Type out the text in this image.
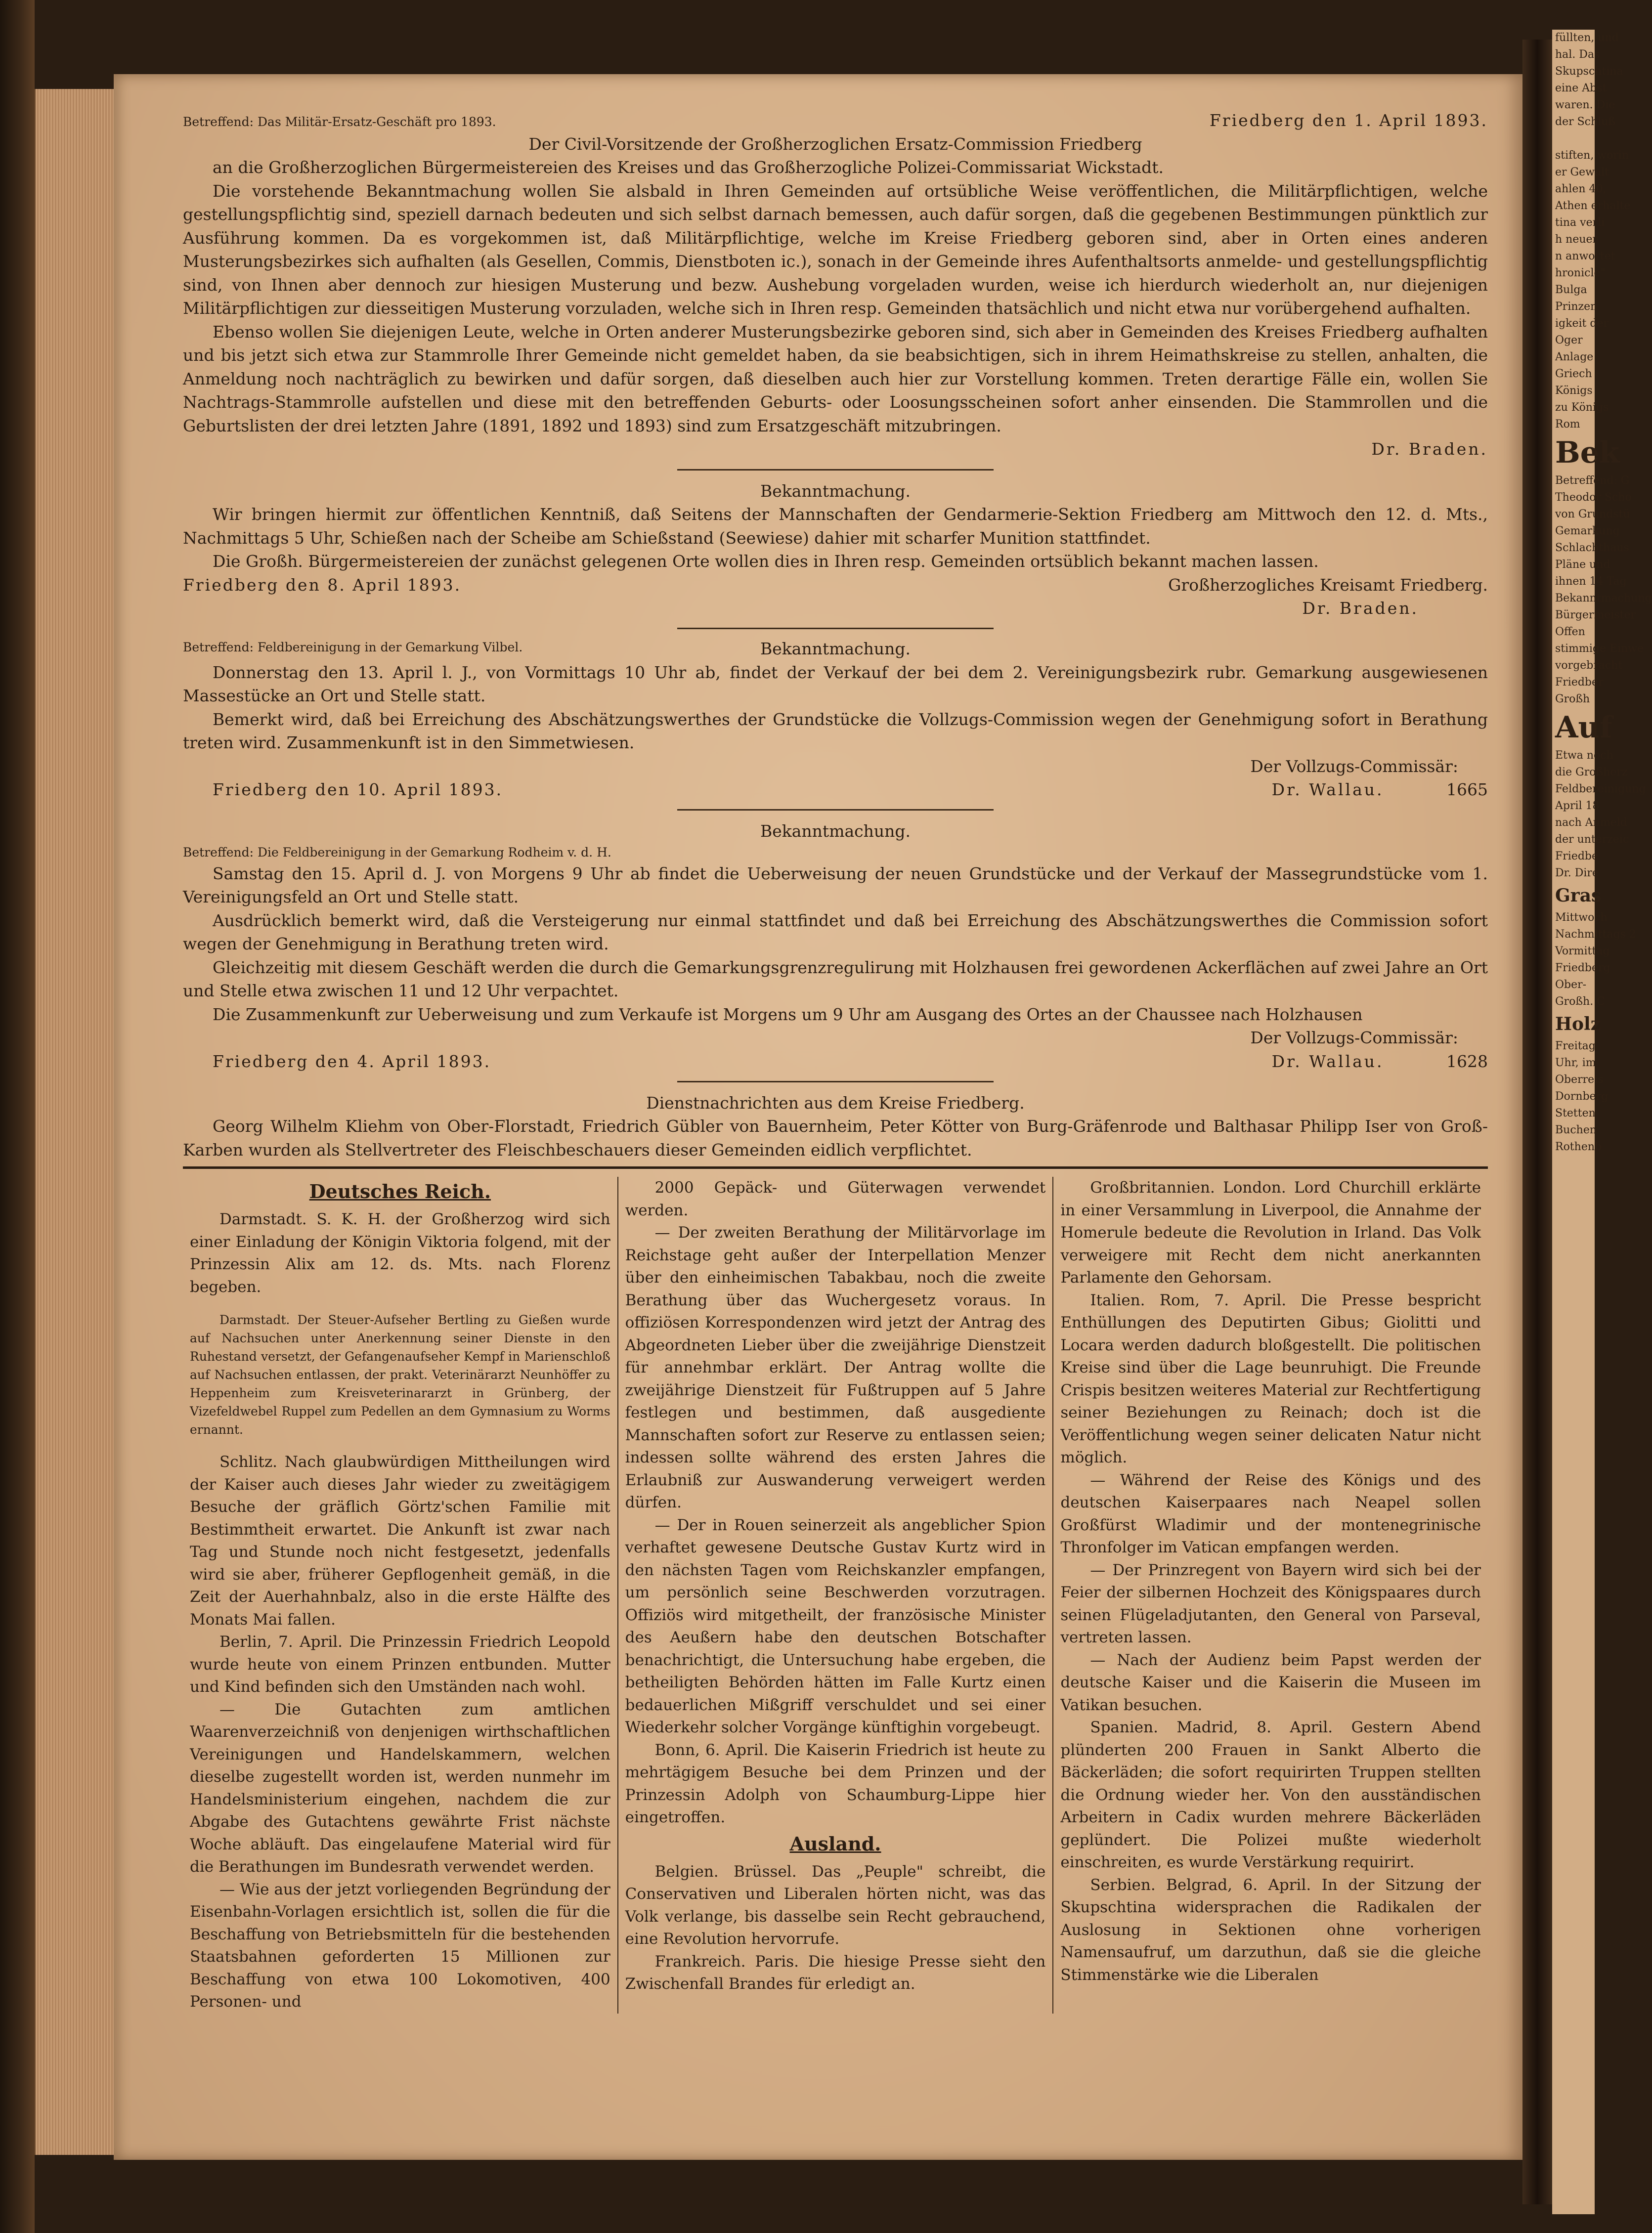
Betreffend: Das Militär-Ersatz-Geschäft pro 1893.	Friedberg den 1. April 1893.

Der Civil-Vorsitzende der Großherzoglichen Ersatz-Commission Friedberg

an die Großherzoglichen Bürgermeistereien des Kreises und das Großherzogliche Polizei-Commissariat Wickstadt.

Die vorstehende Bekanntmachung wollen Sie alsbald in Ihren Gemeinden auf ortsübliche Weise veröffentlichen, die Militärpflichtigen, welche gestellungspflichtig sind, speziell darnach bedeuten und sich selbst darnach bemessen, auch dafür sorgen, daß die gegebenen Bestimmungen pünktlich zur Ausführung kommen. Da es vorgekommen ist, daß Militärpflichtige, welche im Kreise Friedberg geboren sind, aber in Orten eines anderen Musterungsbezirkes sich aufhalten (als Gesellen, Commis, Dienstboten ic.), sonach in der Gemeinde ihres Aufenthaltsorts anmelde- und gestellungspflichtig sind, von Ihnen aber dennoch zur hiesigen Musterung und bezw. Aushebung vorgeladen wurden, weise ich hierdurch wiederholt an, nur diejenigen Militärpflichtigen zur diesseitigen Musterung vorzuladen, welche sich in Ihren resp. Gemeinden thatsächlich und nicht etwa nur vorübergehend aufhalten.

Ebenso wollen Sie diejenigen Leute, welche in Orten anderer Musterungsbezirke geboren sind, sich aber in Gemeinden des Kreises Friedberg aufhalten und bis jetzt sich etwa zur Stammrolle Ihrer Gemeinde nicht gemeldet haben, da sie beabsichtigen, sich in ihrem Heimathskreise zu stellen, anhalten, die Anmeldung noch nachträglich zu bewirken und dafür sorgen, daß dieselben auch hier zur Vorstellung kommen. Treten derartige Fälle ein, wollen Sie Nachtrags-Stammrolle aufstellen und diese mit den betreffenden Geburts- oder Loosungsscheinen sofort anher einsenden. Die Stammrollen und die Geburtslisten der drei letzten Jahre (1891, 1892 und 1893) sind zum Ersatzgeschäft mitzubringen.

Dr. Braden.

Bekanntmachung.

Wir bringen hiermit zur öffentlichen Kenntniß, daß Seitens der Mannschaften der Gendarmerie-Sektion Friedberg am Mittwoch den 12. d. Mts., Nachmittags 5 Uhr, Schießen nach der Scheibe am Schießstand (Seewiese) dahier mit scharfer Munition stattfindet.

Die Großh. Bürgermeistereien der zunächst gelegenen Orte wollen dies in Ihren resp. Gemeinden ortsüblich bekannt machen lassen.

Friedberg den 8. April 1893.	Großherzogliches Kreisamt Friedberg.

Dr. Braden.

Betreffend: Feldbereinigung in der Gemarkung Vilbel.	Bekanntmachung.

Donnerstag den 13. April l. J., von Vormittags 10 Uhr ab, findet der Verkauf der bei dem 2. Vereinigungsbezirk rubr. Gemarkung ausgewiesenen Massestücke an Ort und Stelle statt.

Bemerkt wird, daß bei Erreichung des Abschätzungswerthes der Grundstücke die Vollzugs-Commission wegen der Genehmigung sofort in Berathung treten wird. Zusammenkunft ist in den Simmetwiesen.

Der Vollzugs-Commissär:

Friedberg den 10. April 1893.	Dr. Wallau.	1665

Bekanntmachung.

Betreffend: Die Feldbereinigung in der Gemarkung Rodheim v. d. H.

Samstag den 15. April d. J. von Morgens 9 Uhr ab findet die Ueberweisung der neuen Grundstücke und der Verkauf der Massegrundstücke vom 1. Vereinigungsfeld an Ort und Stelle statt.

Ausdrücklich bemerkt wird, daß die Versteigerung nur einmal stattfindet und daß bei Erreichung des Abschätzungswerthes die Commission sofort wegen der Genehmigung in Berathung treten wird.

Gleichzeitig mit diesem Geschäft werden die durch die Gemarkungsgrenzregulirung mit Holzhausen frei gewordenen Ackerflächen auf zwei Jahre an Ort und Stelle etwa zwischen 11 und 12 Uhr verpachtet.

Die Zusammenkunft zur Ueberweisung und zum Verkaufe ist Morgens um 9 Uhr am Ausgang des Ortes an der Chaussee nach Holzhausen

Der Vollzugs-Commissär:

Friedberg den 4. April 1893.	Dr. Wallau.	1628

Dienstnachrichten aus dem Kreise Friedberg.

Georg Wilhelm Kliehm von Ober-Florstadt, Friedrich Gübler von Bauernheim, Peter Kötter von Burg-Gräfenrode und Balthasar Philipp Iser von Groß-Karben wurden als Stellvertreter des Fleischbeschauers dieser Gemeinden eidlich verpflichtet.

Deutsches Reich.

Darmstadt. S. K. H. der Großherzog wird sich einer Einladung der Königin Viktoria folgend, mit der Prinzessin Alix am 12. ds. Mts. nach Florenz begeben.

Darmstadt. Der Steuer-Aufseher Bertling zu Gießen wurde auf Nachsuchen unter Anerkennung seiner Dienste in den Ruhestand versetzt, der Gefangenaufseher Kempf in Marienschloß auf Nachsuchen entlassen, der prakt. Veterinärarzt Neunhöffer zu Heppenheim zum Kreisveterinararzt in Grünberg, der Vizefeldwebel Ruppel zum Pedellen an dem Gymnasium zu Worms ernannt.

Schlitz. Nach glaubwürdigen Mittheilungen wird der Kaiser auch dieses Jahr wieder zu zweitägigem Besuche der gräflich Görtz'schen Familie mit Bestimmtheit erwartet. Die Ankunft ist zwar nach Tag und Stunde noch nicht festgesetzt, jedenfalls wird sie aber, früherer Gepflogenheit gemäß, in die Zeit der Auerhahnbalz, also in die erste Hälfte des Monats Mai fallen.

Berlin, 7. April. Die Prinzessin Friedrich Leopold wurde heute von einem Prinzen entbunden. Mutter und Kind befinden sich den Umständen nach wohl.

— Die Gutachten zum amtlichen Waarenverzeichniß von denjenigen wirthschaftlichen Vereinigungen und Handelskammern, welchen dieselbe zugestellt worden ist, werden nunmehr im Handelsministerium eingehen, nachdem die zur Abgabe des Gutachtens gewährte Frist nächste Woche abläuft. Das eingelaufene Material wird für die Berathungen im Bundesrath verwendet werden.

— Wie aus der jetzt vorliegenden Begründung der Eisenbahn-Vorlagen ersichtlich ist, sollen die für die Beschaffung von Betriebsmitteln für die bestehenden Staatsbahnen geforderten 15 Millionen zur Beschaffung von etwa 100 Lokomotiven, 400 Personen- und

2000 Gepäck- und Güterwagen verwendet werden.

— Der zweiten Berathung der Militärvorlage im Reichstage geht außer der Interpellation Menzer über den einheimischen Tabakbau, noch die zweite Berathung über das Wuchergesetz voraus. In offiziösen Korrespondenzen wird jetzt der Antrag des Abgeordneten Lieber über die zweijährige Dienstzeit für annehmbar erklärt. Der Antrag wollte die zweijährige Dienstzeit für Fußtruppen auf 5 Jahre festlegen und bestimmen, daß ausgediente Mannschaften sofort zur Reserve zu entlassen seien; indessen sollte während des ersten Jahres die Erlaubniß zur Auswanderung verweigert werden dürfen.

— Der in Rouen seinerzeit als angeblicher Spion verhaftet gewesene Deutsche Gustav Kurtz wird in den nächsten Tagen vom Reichskanzler empfangen, um persönlich seine Beschwerden vorzutragen. Offiziös wird mitgetheilt, der französische Minister des Aeußern habe den deutschen Botschafter benachrichtigt, die Untersuchung habe ergeben, die betheiligten Behörden hätten im Falle Kurtz einen bedauerlichen Mißgriff verschuldet und sei einer Wiederkehr solcher Vorgänge künftighin vorgebeugt.

Bonn, 6. April. Die Kaiserin Friedrich ist heute zu mehrtägigem Besuche bei dem Prinzen und der Prinzessin Adolph von Schaumburg-Lippe hier eingetroffen.

Ausland.

Belgien. Brüssel. Das „Peuple" schreibt, die Conservativen und Liberalen hörten nicht, was das Volk verlange, bis dasselbe sein Recht gebrauchend, eine Revolution hervorrufe.

Frankreich. Paris. Die hiesige Presse sieht den Zwischenfall Brandes für erledigt an.

Großbritannien. London. Lord Churchill erklärte in einer Versammlung in Liverpool, die Annahme der Homerule bedeute die Revolution in Irland. Das Volk verweigere mit Recht dem nicht anerkannten Parlamente den Gehorsam.

Italien. Rom, 7. April. Die Presse bespricht Enthüllungen des Deputirten Gibus; Giolitti und Locara werden dadurch bloßgestellt. Die politischen Kreise sind über die Lage beunruhigt. Die Freunde Crispis besitzen weiteres Material zur Rechtfertigung seiner Beziehungen zu Reinach; doch ist die Veröffentlichung wegen seiner delicaten Natur nicht möglich.

— Während der Reise des Königs und des deutschen Kaiserpaares nach Neapel sollen Großfürst Wladimir und der montenegrinische Thronfolger im Vatican empfangen werden.

— Der Prinzregent von Bayern wird sich bei der Feier der silbernen Hochzeit des Königspaares durch seinen Flügeladjutanten, den General von Parseval, vertreten lassen.

— Nach der Audienz beim Papst werden der deutsche Kaiser und die Kaiserin die Museen im Vatikan besuchen.

Spanien. Madrid, 8. April. Gestern Abend plünderten 200 Frauen in Sankt Alberto die Bäckerläden; die sofort requirirten Truppen stellten die Ordnung wieder her. Von den ausständischen Arbeitern in Cadix wurden mehrere Bäckerläden geplündert. Die Polizei mußte wiederholt einschreiten, es wurde Verstärkung requirirt.

Serbien. Belgrad, 6. April. In der Sitzung der Skupschtina widersprachen die Radikalen der Auslosung in Sektionen ohne vorherigen Namensaufruf, um darzuthun, daß sie die gleiche Stimmenstärke wie die Liberalen

füllten, und
hal. Das
Skupschtina
eine Abst
waren. Die
der Schluß

stiften, worin
er Gewalt
ahlen 40,
Athen erhalte
tina verli
h neuer
n anwortet
hronicle"
Bulga
Prinzen
igkeit der
Oger
Anlage
Griech
Königs
zu Königs
Rom
Bek
Betreffend: G
Theodor Scho
von Grundstü
Gemarkung
Schlachthaus
Pläne und
ihnen 14 Tag
Bekanntmachung
Bürgermeister
Offen
stimmige Einwe
vorgebracht
Friedber
Großh
Auf
Etwa noch
die Großherz
Feldbereinigung
April 18
nach Anmeld
der unterzeic
Friedbe
Dr. Dire
Gras
Mittwoch
Nachmittags 2
Vormittag
Friedberg
Ober-
Großh. C
Holz
Freitag
Uhr, im
Oberreis
Dornberg
Stetten
Buchen
Rothenb
